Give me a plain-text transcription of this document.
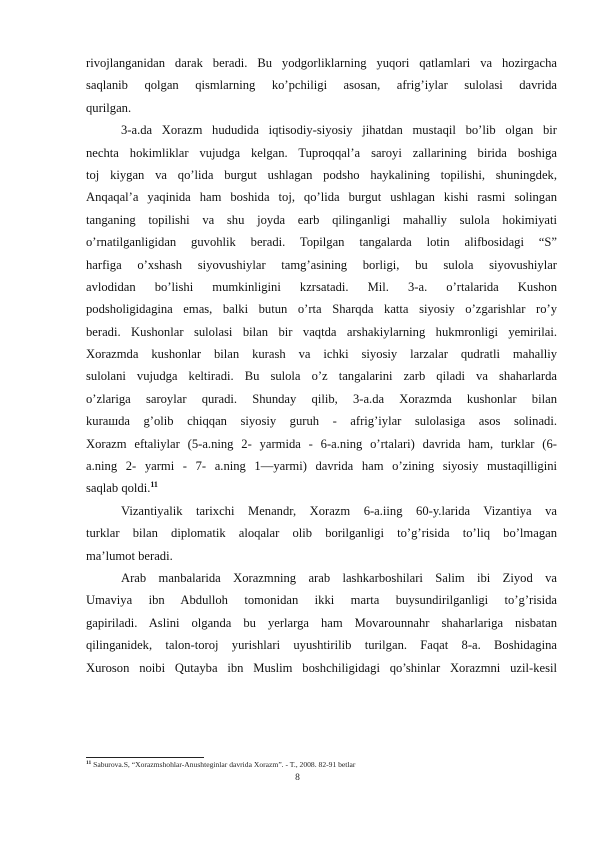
rivojlanganidan darak beradi. Bu yodgorliklarning yuqori qatlamlari va hozirgacha
saqlanib qolgan qismlarning ko’pchiligi asosan, afrig’iylar sulolasi davrida
qurilgan.
3-a.da Xorazm hududida iqtisodiy-siyosiy jihatdan mustaqil bo’lib olgan bir
nechta hokimliklar vujudga kelgan. Tuproqqal’a saroyi zallarining birida boshiga
toj kiygan va qo’lida burgut ushlagan podsho haykalining topilishi, shuningdek,
Anqaqal’a yaqinida ham boshida toj, qo’lida burgut ushlagan kishi rasmi solingan
tanganing topilishi va shu joyda earb qilinganligi mahalliy sulola hokimiyati
o’rnatilganligidan guvohlik beradi. Topilgan tangalarda lotin alifbosidagi “S”
harfiga o’xshash siyovushiylar tamg’asining borligi, bu sulola siyovushiylar
avlodidan bo’lishi mumkinligini kzrsatadi. Mil. 3-a. o’rtalarida Kushon
podsholigidagina emas, balki butun o’rta Sharqda katta siyosiy o’zgarishlar ro’y
beradi. Kushonlar sulolasi bilan bir vaqtda arshakiylarning hukmronligi yemirilai.
Xorazmda kushonlar bilan kurash va ichki siyosiy larzalar qudratli mahalliy
sulolani vujudga keltiradi. Bu sulola o’z tangalarini zarb qiladi va shaharlarda
o’zlariga saroylar quradi. Shunday qilib, 3-a.da Xorazmda kushonlar bilan
kuraшda g’olib chiqqan siyosiy guruh - afrig’iylar sulolasiga asos solinadi.
Xorazm eftaliylar (5-a.ning 2- yarmida - 6-a.ning o’rtalari) davrida ham, turklar (6-
a.ning 2- yarmi - 7- a.ning 1—yarmi) davrida ham o’zining siyosiy mustaqilligini
saqlab qoldi.$^{11}$
Vizantiyalik tarixchi Menandr, Xorazm 6-a.iing 60-y.larida Vizantiya va
turklar bilan diplomatik aloqalar olib borilganligi to’g’risida to’liq bo’lmagan
ma’lumot beradi.
Arab manbalarida Xorazmning arab lashkarboshilari Salim ibi Ziyod va
Umaviya ibn Abdulloh tomonidan ikki marta buysundirilganligi to’g’risida
gapiriladi. Aslini olganda bu yerlarga ham Movarounnahr shaharlariga nisbatan
qilinganidek, talon-toroj yurishlari uyushtirilib turilgan. Faqat 8-a. Boshidagina
Xuroson noibi Qutayba ibn Muslim boshchiligidagi qo’shinlar Xorazmni uzil-kesil
$^{11}$ Saburova.S, “Xorazmshohlar-Anushteginlar davrida Xorazm”. - T., 2008. 82-91 betlar
8
